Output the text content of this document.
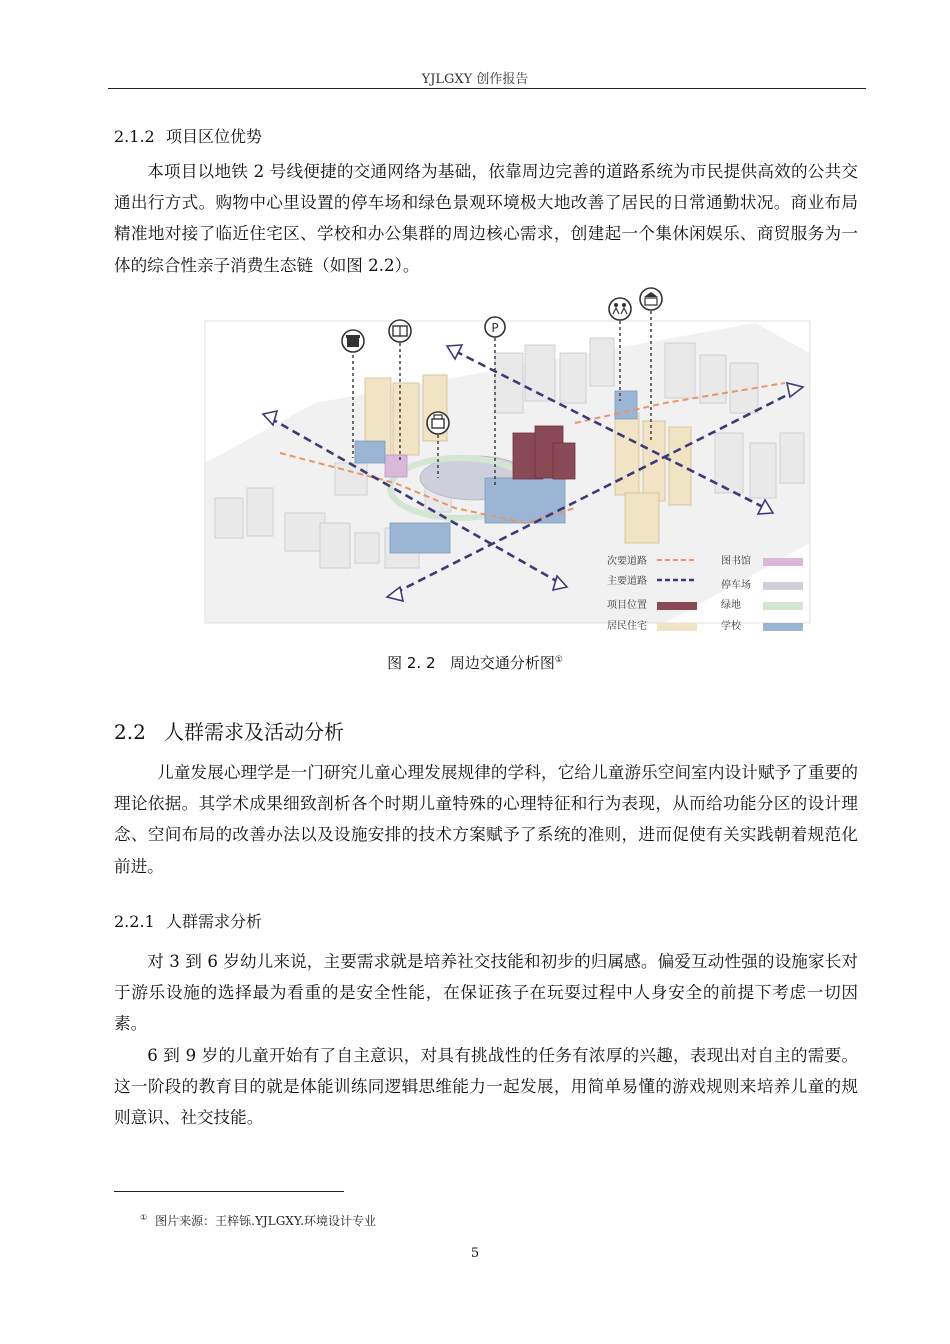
YJLGXY 创作报告
2.1.2 项目区位优势

本项目以地铁 2 号线便捷的交通网络为基础，依靠周边完善的道路系统为市民提供高效的公共交通出行方式。购物中心里设置的停车场和绿色景观环境极大地改善了居民的日常通勤状况。商业布局精准地对接了临近住宅区、学校和办公集群的周边核心需求，创建起一个集休闲娱乐、商贸服务为一体的综合性亲子消费生态链（如图 2.2）。

P
次要道路
主要道路
项目位置
居民住宅
图书馆
停车场
绿地
学校
图 2. 2 周边交通分析图①
2.2 人群需求及活动分析

儿童发展心理学是一门研究儿童心理发展规律的学科，它给儿童游乐空间室内设计赋予了重要的理论依据。其学术成果细致剖析各个时期儿童特殊的心理特征和行为表现，从而给功能分区的设计理念、空间布局的改善办法以及设施安排的技术方案赋予了系统的准则，进而促使有关实践朝着规范化前进。

2.2.1 人群需求分析

对 3 到 6 岁幼儿来说，主要需求就是培养社交技能和初步的归属感。偏爱互动性强的设施家长对于游乐设施的选择最为看重的是安全性能，在保证孩子在玩耍过程中人身安全的前提下考虑一切因素。

6 到 9 岁的儿童开始有了自主意识，对具有挑战性的任务有浓厚的兴趣，表现出对自主的需要。这一阶段的教育目的就是体能训练同逻辑思维能力一起发展，用简单易懂的游戏规则来培养儿童的规则意识、社交技能。

① 图片来源：王梓铄.YJLGXY.环境设计专业
5
